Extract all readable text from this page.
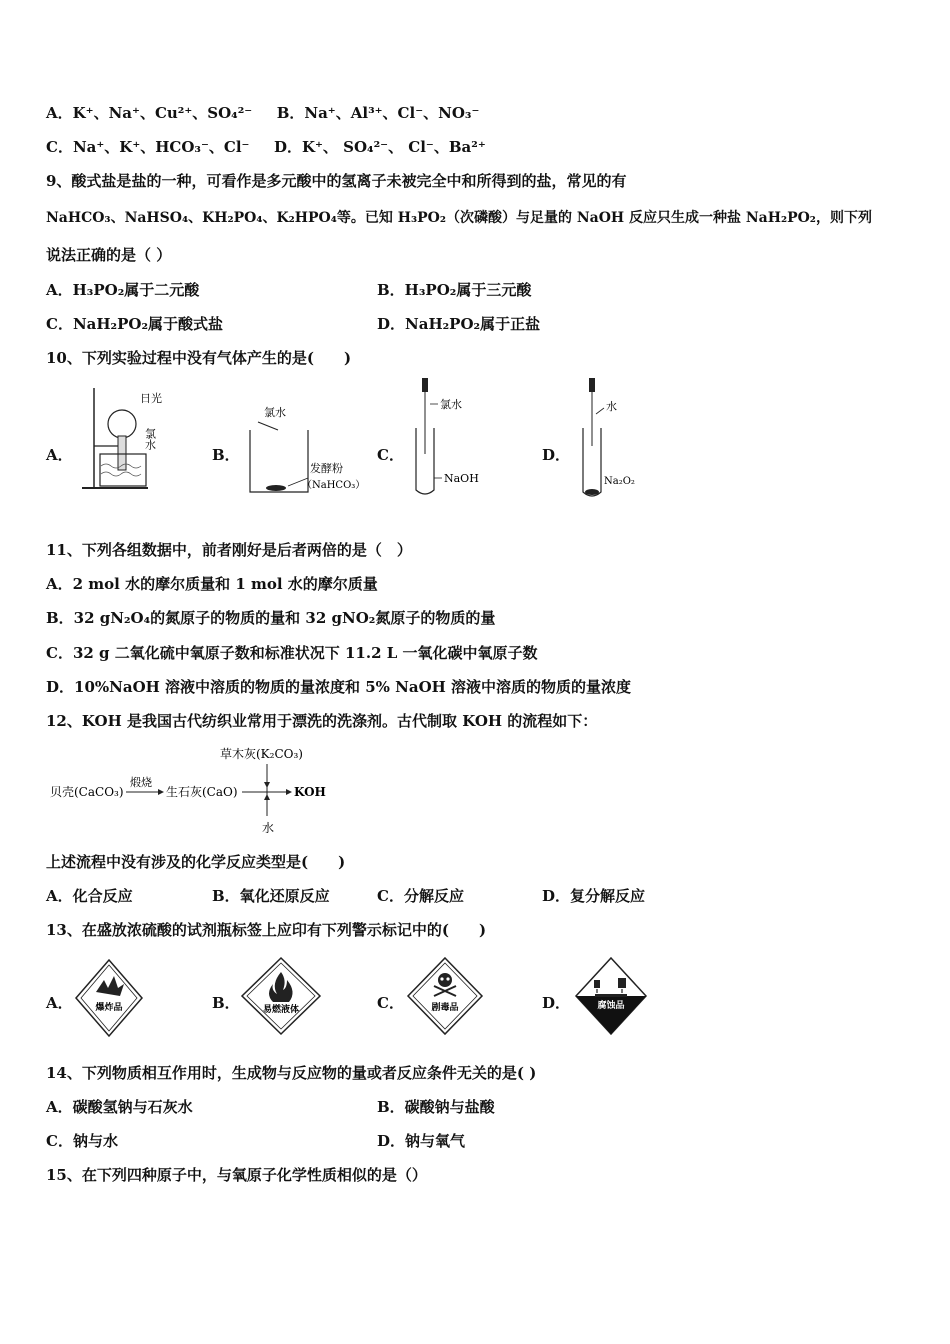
A．K⁺、Na⁺、Cu²⁺、SO₄²⁻ B．Na⁺、Al³⁺、Cl⁻、NO₃⁻
C．Na⁺、K⁺、HCO₃⁻、Cl⁻ D．K⁺、 SO₄²⁻、 Cl⁻、Ba²⁺
9、酸式盐是盐的一种，可看作是多元酸中的氢离子未被完全中和所得到的盐，常见的有
NaHCO₃、NaHSO₄、KH₂PO₄、K₂HPO₄等。已知 H₃PO₂（次磷酸）与足量的 NaOH 反应只生成一种盐 NaH₂PO₂，则下列
说法正确的是（ ）
A．H₃PO₂属于二元酸	B．H₃PO₂属于三元酸
C．NaH₂PO₂属于酸式盐	D．NaH₂PO₂属于正盐
10、下列实验过程中没有气体产生的是(　　)
A．
日光
氯水
B．
氯水
发酵粉
（NaHCO₃）
C．
氯水
NaOH
D．
水
Na₂O₂
11、下列各组数据中，前者刚好是后者两倍的是（　）
A．2 mol 水的摩尔质量和 1 mol 水的摩尔质量
B．32 gN₂O₄的氮原子的物质的量和 32 gNO₂氮原子的物质的量
C．32 g 二氧化硫中氧原子数和标准状况下 11.2 L 一氧化碳中氧原子数
D．10%NaOH 溶液中溶质的物质的量浓度和 5% NaOH 溶液中溶质的物质的量浓度
12、KOH 是我国古代纺织业常用于漂洗的洗涤剂。古代制取 KOH 的流程如下：
草木灰(K₂CO₃)
贝壳(CaCO₃)
煅烧
生石灰(CaO)	KOH
水
上述流程中没有涉及的化学反应类型是(　　)
A．化合反应	B．氧化还原反应	C．分解反应	D．复分解反应
13、在盛放浓硫酸的试剂瓶标签上应印有下列警示标记中的(　　)
A．	爆炸品	B．	易燃液体	C．	剧毒品	D．	腐蚀品
14、下列物质相互作用时，生成物与反应物的量或者反应条件无关的是( )
A．碳酸氢钠与石灰水	B．碳酸钠与盐酸
C．钠与水	D．钠与氧气
15、在下列四种原子中，与氧原子化学性质相似的是（）
